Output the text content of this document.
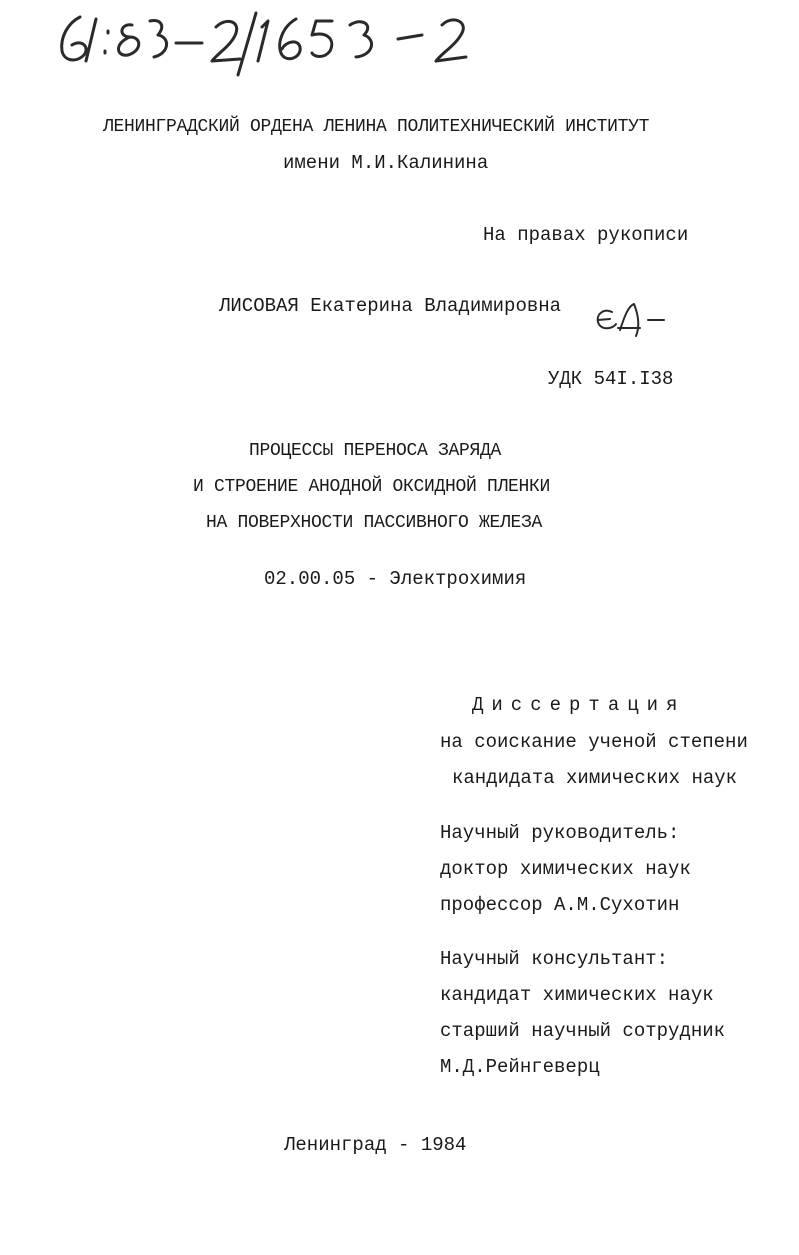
ЛЕНИНГРАДСКИЙ ОРДЕНА ЛЕНИНА ПОЛИТЕХНИЧЕСКИЙ ИНСТИТУТ
имени М.И.Калинина
На правах рукописи
ЛИСОВАЯ Екатерина Владимировна
УДК 54I.I38
ПРОЦЕССЫ ПЕРЕНОСА ЗАРЯДА
И СТРОЕНИЕ АНОДНОЙ ОКСИДНОЙ ПЛЕНКИ
НА ПОВЕРХНОСТИ ПАССИВНОГО ЖЕЛЕЗА
02.00.05 - Электрохимия
Диссертация
на соискание ученой степени
кандидата химических наук
Научный руководитель:
доктор химических наук
профессор А.М.Сухотин
Научный консультант:
кандидат химических наук
старший научный сотрудник
М.Д.Рейнгеверц
Ленинград - 1984
